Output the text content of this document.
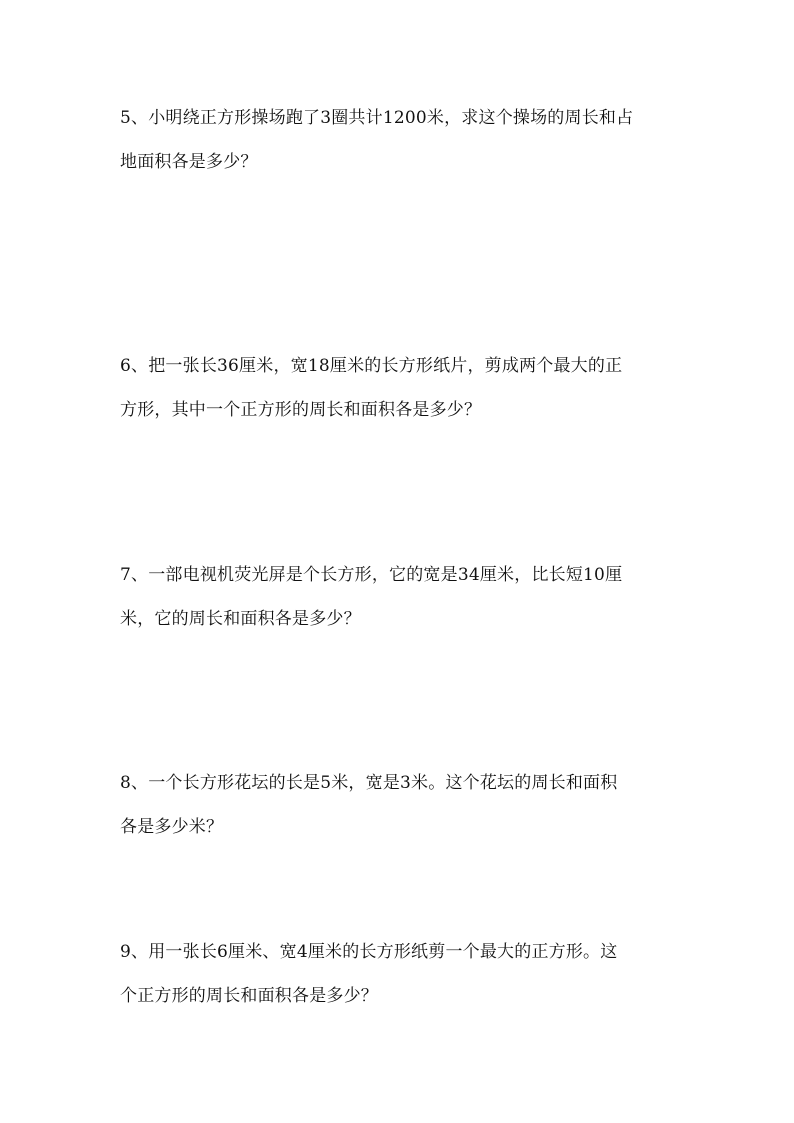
5、小明绕正方形操场跑了3圈共计1200米，求这个操场的周长和占
地面积各是多少？
6、把一张长36厘米，宽18厘米的长方形纸片，剪成两个最大的正
方形，其中一个正方形的周长和面积各是多少？
7、一部电视机荧光屏是个长方形，它的宽是34厘米，比长短10厘
米，它的周长和面积各是多少？
8、一个长方形花坛的长是5米，宽是3米。这个花坛的周长和面积
各是多少米？
9、用一张长6厘米、宽4厘米的长方形纸剪一个最大的正方形。这
个正方形的周长和面积各是多少？
